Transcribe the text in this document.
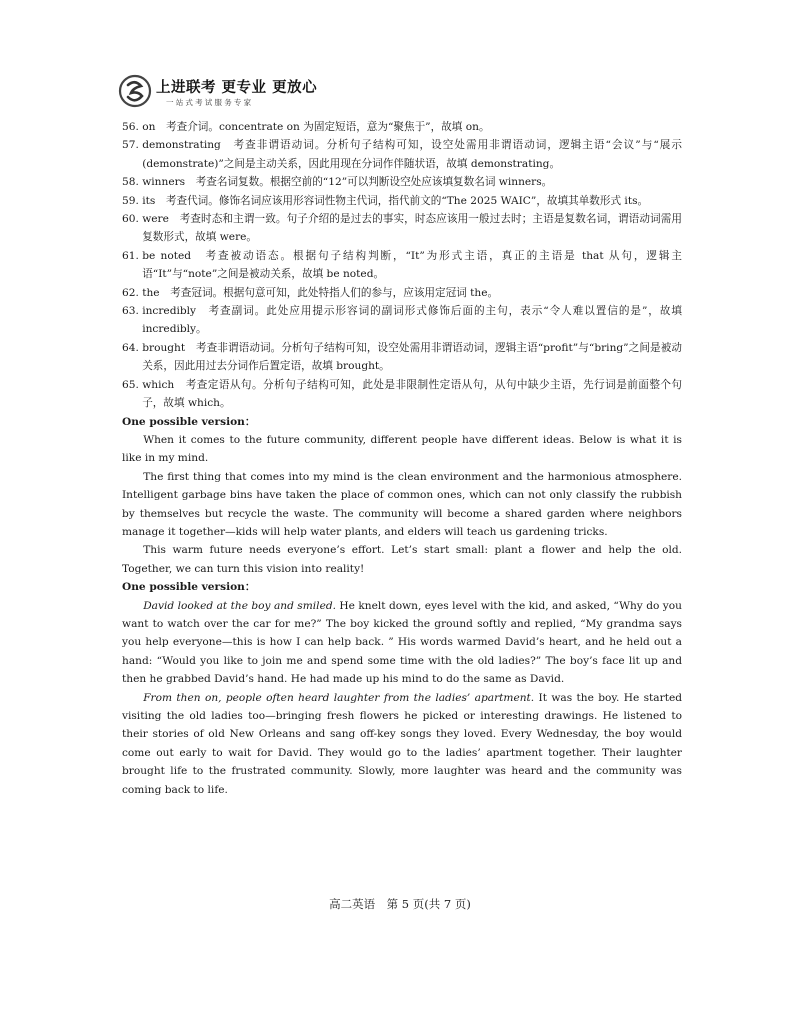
上进联考 更专业 更放心
一站式考试服务专家
56. on　考查介词。concentrate on 为固定短语，意为“聚焦于”，故填 on。
57. demonstrating　考查非谓语动词。分析句子结构可知，设空处需用非谓语动词，逻辑主语“会议”与“展示(demonstrate)”之间是主动关系，因此用现在分词作伴随状语，故填 demonstrating。
58. winners　考查名词复数。根据空前的“12”可以判断设空处应该填复数名词 winners。
59. its　考查代词。修饰名词应该用形容词性物主代词，指代前文的“The 2025 WAIC”，故填其单数形式 its。
60. were　考查时态和主谓一致。句子介绍的是过去的事实，时态应该用一般过去时；主语是复数名词，谓语动词需用复数形式，故填 were。
61. be noted　考查被动语态。根据句子结构判断，“It”为形式主语，真正的主语是 that 从句，逻辑主语“It”与“note”之间是被动关系，故填 be noted。
62. the　考查冠词。根据句意可知，此处特指人们的参与，应该用定冠词 the。
63. incredibly　考查副词。此处应用提示形容词的副词形式修饰后面的主句，表示“令人难以置信的是”，故填 incredibly。
64. brought　考查非谓语动词。分析句子结构可知，设空处需用非谓语动词，逻辑主语“profit”与“bring”之间是被动关系，因此用过去分词作后置定语，故填 brought。
65. which　考查定语从句。分析句子结构可知，此处是非限制性定语从句，从句中缺少主语，先行词是前面整个句子，故填 which。
One possible version：
When it comes to the future community, different people have different ideas. Below is what it is like in my mind.
The first thing that comes into my mind is the clean environment and the harmonious atmosphere. Intelligent garbage bins have taken the place of common ones, which can not only classify the rubbish by themselves but recycle the waste. The community will become a shared garden where neighbors manage it together—kids will help water plants, and elders will teach us gardening tricks.
This warm future needs everyone’s effort. Let’s start small: plant a flower and help the old. Together, we can turn this vision into reality!
One possible version：
David looked at the boy and smiled. He knelt down, eyes level with the kid, and asked, “Why do you want to watch over the car for me?” The boy kicked the ground softly and replied, “My grandma says you help everyone—this is how I can help back. ” His words warmed David’s heart, and he held out a hand: “Would you like to join me and spend some time with the old ladies?” The boy’s face lit up and then he grabbed David’s hand. He had made up his mind to do the same as David.
From then on, people often heard laughter from the ladies’ apartment. It was the boy. He started visiting the old ladies too—bringing fresh flowers he picked or interesting drawings. He listened to their stories of old New Orleans and sang off-key songs they loved. Every Wednesday, the boy would come out early to wait for David. They would go to the ladies’ apartment together. Their laughter brought life to the frustrated community. Slowly, more laughter was heard and the community was coming back to life.
高二英语　第 5 页(共 7 页)
